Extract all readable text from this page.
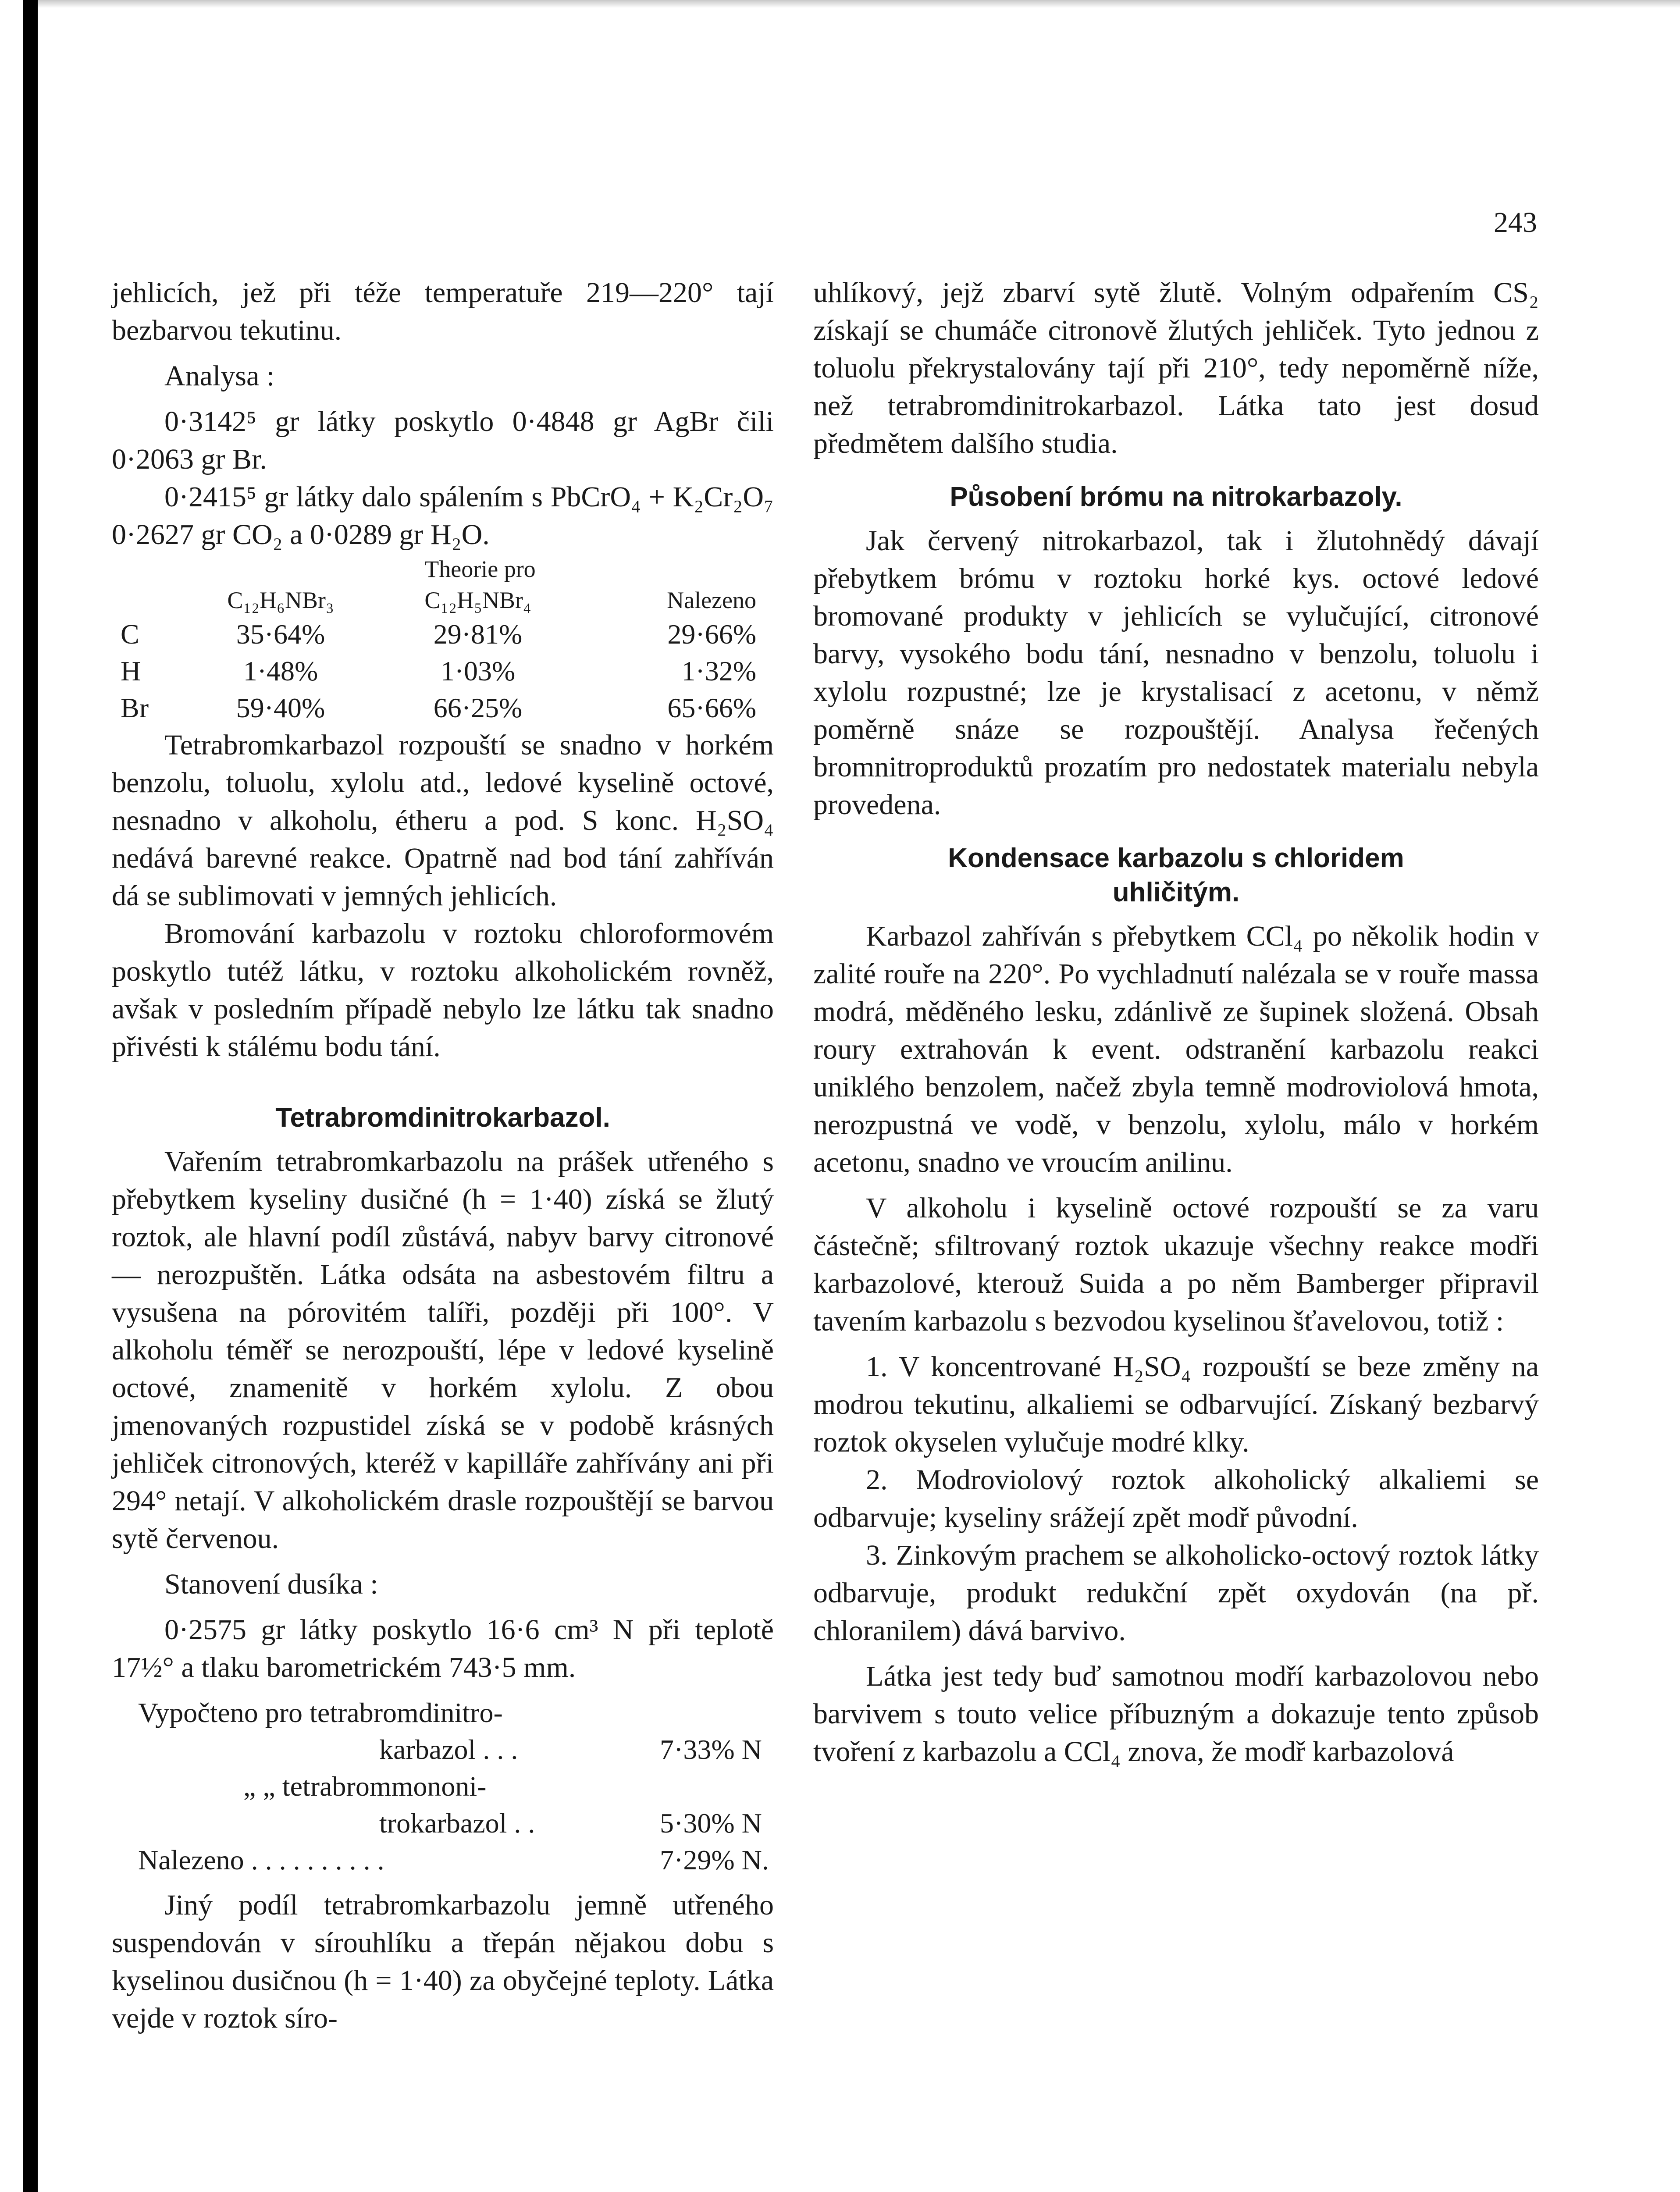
243

jehlicích, jež při téže temperatuře 219—220° tají bezbarvou tekutinu.

Analysa :

0·3142⁵ gr látky poskytlo 0·4848 gr AgBr čili 0·2063 gr Br.

0·2415⁵ gr látky dalo spálením s PbCrO₄ + K₂Cr₂O₇ 0·2627 gr CO₂ a 0·0289 gr H₂O.

Theorie pro
	C₁₂H₆NBr₃	C₁₂H₅NBr₄	Nalezeno
C	35·64%	29·81%	29·66%
H	1·48%	1·03%	1·32%
Br	59·40%	66·25%	65·66%

Tetrabromkarbazol rozpouští se snadno v horkém benzolu, toluolu, xylolu atd., ledové kyselině octové, nesnadno v alkoholu, étheru a pod. S konc. H₂SO₄ nedává barevné reakce. Opatrně nad bod tání zahříván dá se sublimovati v jemných jehlicích.

Bromování karbazolu v roztoku chloroformovém poskytlo tutéž látku, v roztoku alkoholickém rovněž, avšak v posledním případě nebylo lze látku tak snadno přivésti k stálému bodu tání.

Tetrabromdinitrokarbazol.

Vařením tetrabromkarbazolu na prášek utřeného s přebytkem kyseliny dusičné (h = 1·40) získá se žlutý roztok, ale hlavní podíl zůstává, nabyv barvy citronové — nerozpuštěn. Látka odsáta na asbestovém filtru a vysušena na pórovitém talíři, později při 100°. V alkoholu téměř se nerozpouští, lépe v ledové kyselině octové, znamenitě v horkém xylolu. Z obou jmenovaných rozpustidel získá se v podobě krásných jehliček citronových, kteréž v kapilláře zahřívány ani při 294° netají. V alkoholickém drasle rozpouštějí se barvou sytě červenou.

Stanovení dusíka :

0·2575 gr látky poskytlo 16·6 cm³ N při teplotě 17½° a tlaku barometrickém 743·5 mm.

Vypočteno pro tetrabromdinitro-
karbazol . . .	7·33% N
„ „ tetrabrommononi-
trokarbazol . .	5·30% N
Nalezeno . . . . . . . . . .	7·29% N.

Jiný podíl tetrabromkarbazolu jemně utřeného suspendován v sírouhlíku a třepán nějakou dobu s kyselinou dusičnou (h = 1·40) za obyčejné teploty. Látka vejde v roztok síro-

uhlíkový, jejž zbarví sytě žlutě. Volným odpařením CS₂ získají se chumáče citronově žlutých jehliček. Tyto jednou z toluolu překrystalovány tají při 210°, tedy nepoměrně níže, než tetrabromdinitrokarbazol. Látka tato jest dosud předmětem dalšího studia.

Působení brómu na nitrokarbazoly.

Jak červený nitrokarbazol, tak i žlutohnědý dávají přebytkem brómu v roztoku horké kys. octové ledové bromované produkty v jehlicích se vylučující, citronové barvy, vysokého bodu tání, nesnadno v benzolu, toluolu i xylolu rozpustné; lze je krystalisací z acetonu, v němž poměrně snáze se rozpouštějí. Analysa řečených bromnitroproduktů prozatím pro nedostatek materialu nebyla provedena.

Kondensace karbazolu s chloridem
uhličitým.

Karbazol zahříván s přebytkem CCl₄ po několik hodin v zalité rouře na 220°. Po vychladnutí nalézala se v rouře massa modrá, měděného lesku, zdánlivě ze šupinek složená. Obsah roury extrahován k event. odstranění karbazolu reakci uniklého benzolem, načež zbyla temně modroviolová hmota, nerozpustná ve vodě, v benzolu, xylolu, málo v horkém acetonu, snadno ve vroucím anilinu.

V alkoholu i kyselině octové rozpouští se za varu částečně; sfiltrovaný roztok ukazuje všechny reakce modři karbazolové, kterouž Suida a po něm Bamberger připravil tavením karbazolu s bezvodou kyselinou šťavelovou, totiž :

1. V koncentrované H₂SO₄ rozpouští se beze změny na modrou tekutinu, alkaliemi se odbarvující. Získaný bezbarvý roztok okyselen vylučuje modré klky.

2. Modroviolový roztok alkoholický alkaliemi se odbarvuje; kyseliny srážejí zpět modř původní.

3. Zinkovým prachem se alkoholicko-octový roztok látky odbarvuje, produkt redukční zpět oxydován (na př. chloranilem) dává barvivo.

Látka jest tedy buď samotnou modří karbazolovou nebo barvivem s touto velice příbuzným a dokazuje tento způsob tvoření z karbazolu a CCl₄ znova, že modř karbazolová
